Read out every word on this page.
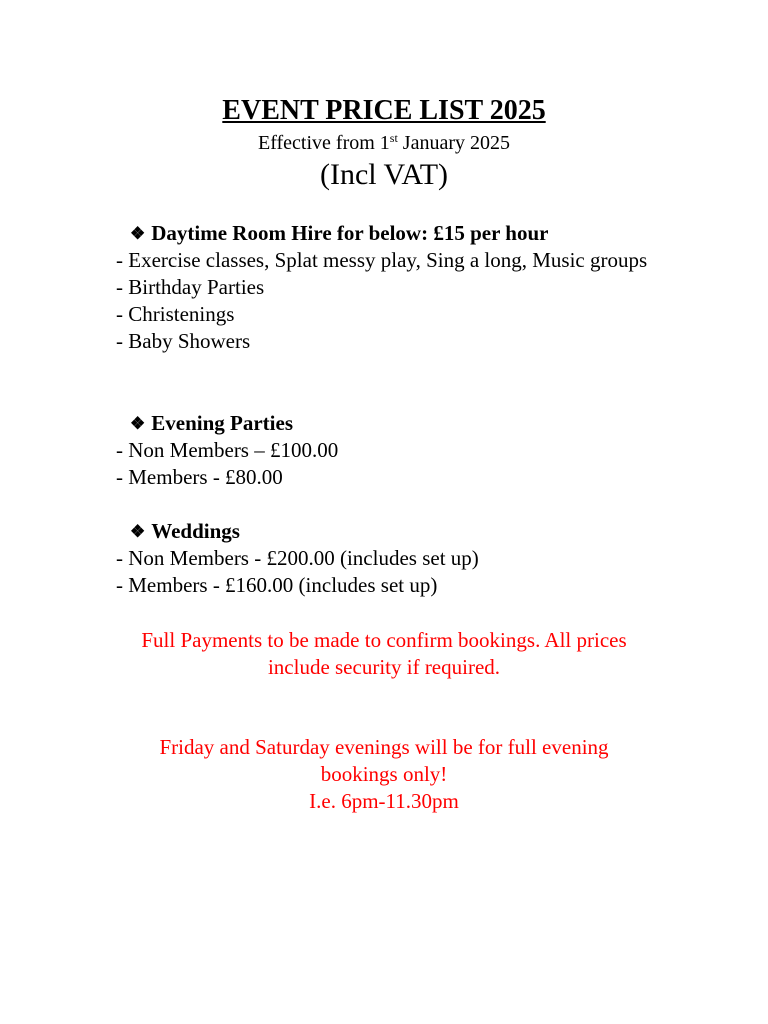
EVENT PRICE LIST 2025
Effective from 1st January 2025
(Incl VAT)
❖ Daytime Room Hire for below: £15 per hour
- Exercise classes, Splat messy play, Sing a long, Music groups
- Birthday Parties
- Christenings
- Baby Showers
❖ Evening Parties
- Non Members – £100.00
- Members - £80.00
❖ Weddings
- Non Members - £200.00 (includes set up)
- Members - £160.00 (includes set up)
Full Payments to be made to confirm bookings. All prices include security if required.
Friday and Saturday evenings will be for full evening bookings only!
I.e. 6pm-11.30pm
